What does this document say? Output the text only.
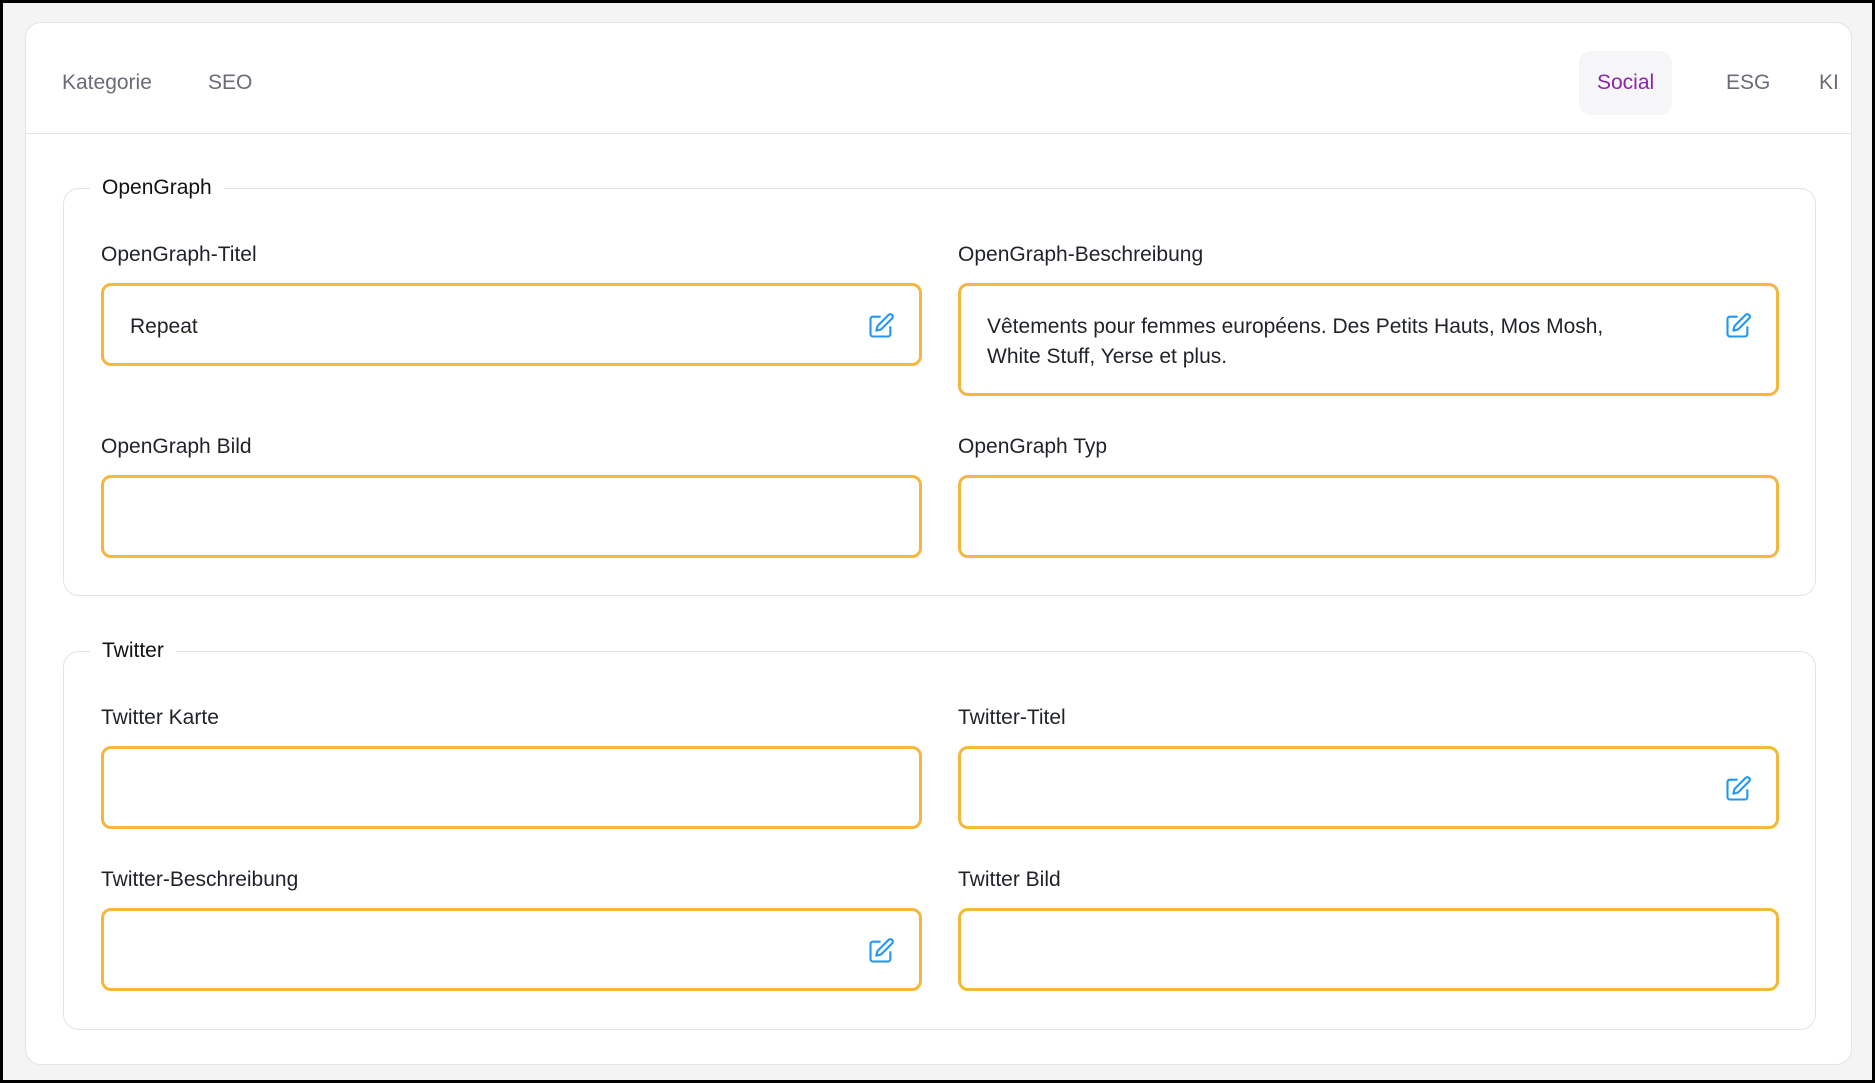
Kategorie	SEO	Social	ESG	KI
OpenGraph
OpenGraph-Titel
Repeat
OpenGraph-Beschreibung
Vêtements pour femmes européens. Des Petits Hauts, Mos Mosh, White Stuff, Yerse et plus.
OpenGraph Bild	OpenGraph Typ
Twitter
Twitter Karte	Twitter-Titel
Twitter-Beschreibung	Twitter Bild
